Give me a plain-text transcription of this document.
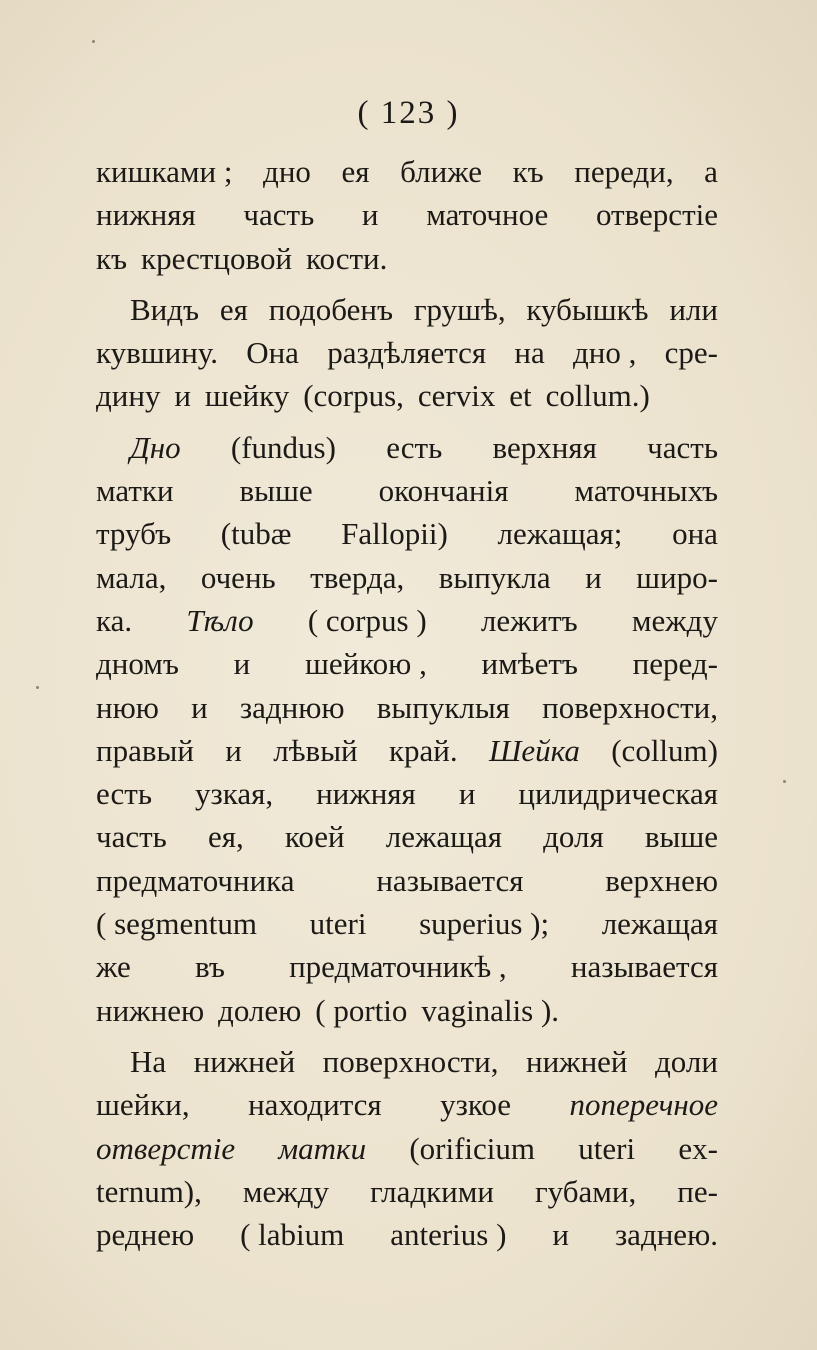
( 123 )
кишками ; дно ея ближе къ переди, а
нижняя часть и маточное отверстіе
къ крестцовой кости.
Видъ ея подобенъ грушѣ, кубышкѣ или
кувшину. Она раздѣляется на дно , сре-
дину и шейку (corpus, cervix et collum.)
Дно (fundus) есть верхняя часть
матки выше окончанія маточныхъ
трубъ (tubæ Fallopii) лежащая; она
мала, очень тверда, выпукла и широ-
ка. Тѣло ( corpus ) лежитъ между
дномъ и шейкою , имѣетъ перед-
нюю и заднюю выпуклыя поверхности,
правый и лѣвый край. Шейка (collum)
есть узкая, нижняя и цилидрическая
часть ея, коей лежащая доля выше
предматочника	называется	верхнею
( segmentum uteri superius ); лежащая
же въ предматочникѣ , называется
нижнею долею ( portio vaginalis ).
На нижней поверхности, нижней доли
шейки, находится узкое поперечное
отверстіе матки (orificium uteri ex-
ternum), между гладкими губами, пе-
реднею ( labium anterius ) и заднею.
